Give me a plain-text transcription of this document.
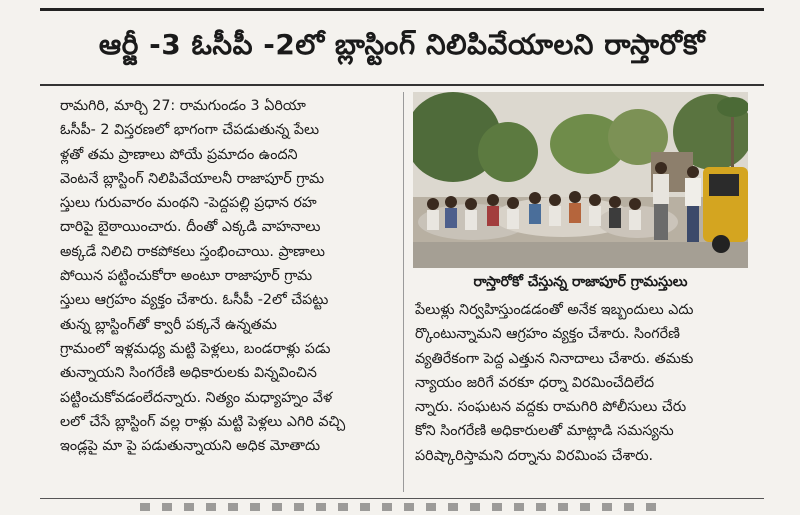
ఆర్జీ -3 ఓసీపీ -2లో బ్లాస్టింగ్ నిలిపివేయాలని రాస్తారోకో
రామగిరి, మార్చి 27: రామగుండం 3 ఏరియా
ఓసీపీ- 2 విస్తరణలో భాగంగా చేపడుతున్న పేలు
ళ్లతో తమ ప్రాణాలు పోయే ప్రమాదం ఉందని
వెంటనే బ్లాస్టింగ్ నిలిపివేయాలనీ రాజాపూర్ గ్రామ
స్తులు గురువారం మంథని -పెద్దపల్లి ప్రధాన రహ
దారిపై బైఠాయించారు. దీంతో ఎక్కడి వాహనాలు
అక్కడే నిలిచి రాకపోకలు స్తంభించాయి. ప్రాణాలు
పోయిన పట్టించుకోరా అంటూ రాజాపూర్ గ్రామ
స్తులు ఆగ్రహం వ్యక్తం చేశారు. ఓసీపీ -2లో చేపట్టు
తున్న బ్లాస్టింగ్‌తో క్వారీ పక్కనే ఉన్నతమ
గ్రామంలో ఇళ్లమధ్య మట్టి పెళ్లలు, బండరాళ్లు పడు
తున్నాయని సింగరేణి అధికారులకు విన్నవించిన
పట్టించుకోవడంలేదన్నారు. నిత్యం మధ్యాహ్నం వేళ
లలో చేసే బ్లాస్టింగ్ వల్ల రాళ్లు మట్టి పెళ్లలు ఎగిరి వచ్చి
ఇండ్లపై మా పై పడుతున్నాయని అధిక మోతాదు
రాస్తారోకో చేస్తున్న రాజాపూర్ గ్రామస్తులు
పేలుళ్లు నిర్వహిస్తుండడంతో అనేక ఇబ్బందులు ఎదు
ర్కొంటున్నామని ఆగ్రహం వ్యక్తం చేశారు. సింగరేణి
వ్యతిరేకంగా పెద్ద ఎత్తున నినాదాలు చేశారు. తమకు
న్యాయం జరిగే వరకూ ధర్నా విరమించేదిలేద
న్నారు. సంఘటన వద్దకు రామగిరి పోలీసులు చేరు
కోని సింగరేణి అధికారులతో మాట్లాడి సమస్యను
పరిష్కారిస్తామని దర్నాను విరమింప చేశారు.
